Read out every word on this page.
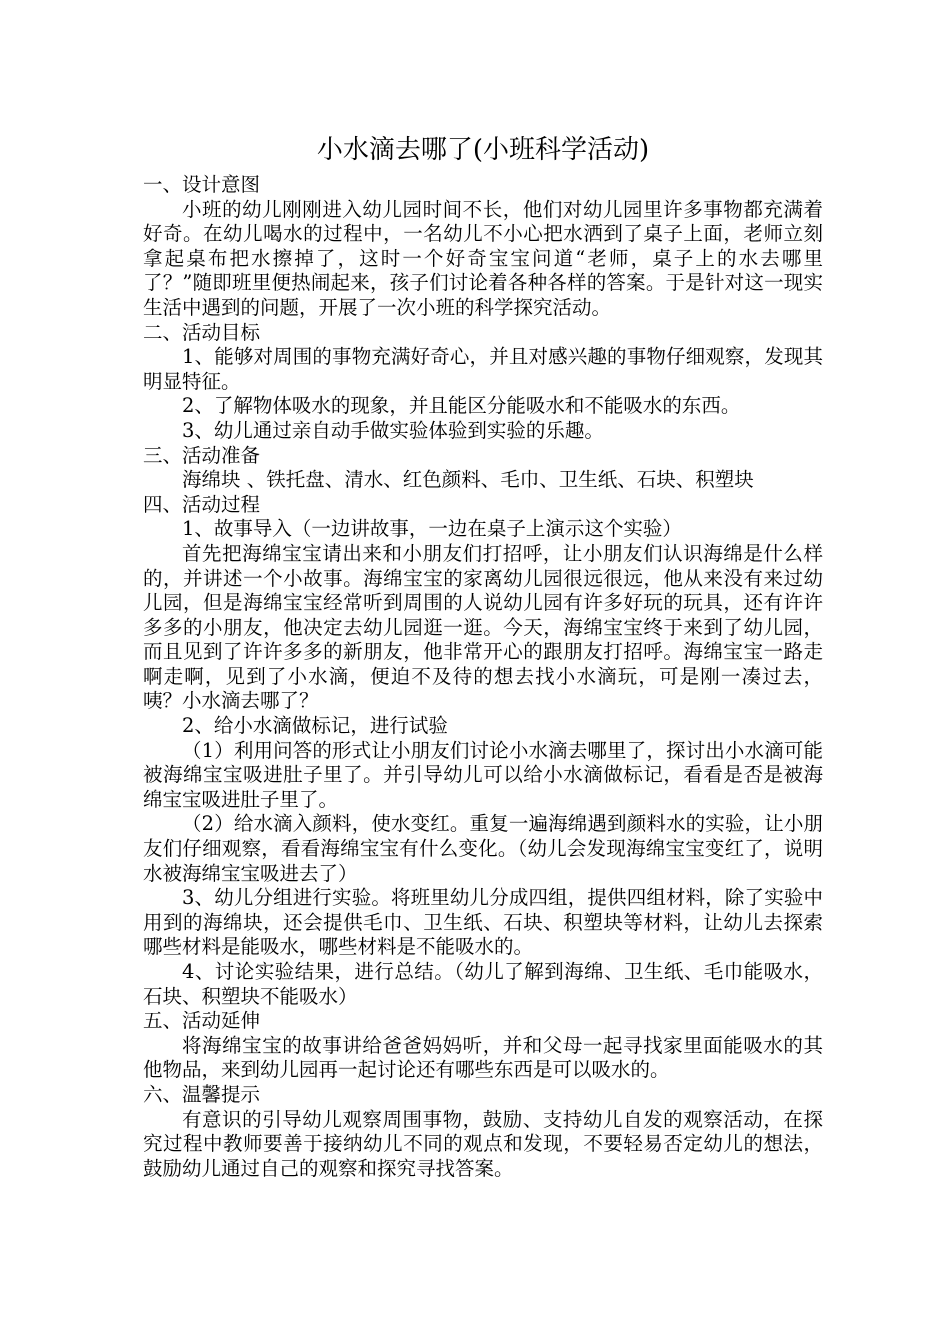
小水滴去哪了(小班科学活动)

一、设计意图

小班的幼儿刚刚进入幼儿园时间不长，他们对幼儿园里许多事物都充满着好奇。在幼儿喝水的过程中，一名幼儿不小心把水洒到了桌子上面，老师立刻拿起桌布把水擦掉了，这时一个好奇宝宝问道“老师，桌子上的水去哪里了？”随即班里便热闹起来，孩子们讨论着各种各样的答案。于是针对这一现实生活中遇到的问题，开展了一次小班的科学探究活动。

二、活动目标

1、能够对周围的事物充满好奇心，并且对感兴趣的事物仔细观察，发现其明显特征。

2、了解物体吸水的现象，并且能区分能吸水和不能吸水的东西。

3、幼儿通过亲自动手做实验体验到实验的乐趣。

三、活动准备

海绵块 、铁托盘、清水、红色颜料、毛巾、卫生纸、石块、积塑块

四、活动过程

1、故事导入（一边讲故事，一边在桌子上演示这个实验）

首先把海绵宝宝请出来和小朋友们打招呼，让小朋友们认识海绵是什么样的，并讲述一个小故事。海绵宝宝的家离幼儿园很远很远，他从来没有来过幼儿园，但是海绵宝宝经常听到周围的人说幼儿园有许多好玩的玩具，还有许许多多的小朋友，他决定去幼儿园逛一逛。今天，海绵宝宝终于来到了幼儿园，而且见到了许许多多的新朋友，他非常开心的跟朋友打招呼。海绵宝宝一路走啊走啊，见到了小水滴，便迫不及待的想去找小水滴玩，可是刚一凑过去，咦？小水滴去哪了？

2、给小水滴做标记，进行试验

（1）利用问答的形式让小朋友们讨论小水滴去哪里了，探讨出小水滴可能被海绵宝宝吸进肚子里了。并引导幼儿可以给小水滴做标记，看看是否是被海绵宝宝吸进肚子里了。

（2）给水滴入颜料，使水变红。重复一遍海绵遇到颜料水的实验，让小朋友们仔细观察，看看海绵宝宝有什么变化。（幼儿会发现海绵宝宝变红了，说明水被海绵宝宝吸进去了）

3、幼儿分组进行实验。将班里幼儿分成四组，提供四组材料，除了实验中用到的海绵块，还会提供毛巾、卫生纸、石块、积塑块等材料，让幼儿去探索哪些材料是能吸水，哪些材料是不能吸水的。

4、讨论实验结果，进行总结。（幼儿了解到海绵、卫生纸、毛巾能吸水，石块、积塑块不能吸水）

五、活动延伸

将海绵宝宝的故事讲给爸爸妈妈听，并和父母一起寻找家里面能吸水的其他物品，来到幼儿园再一起讨论还有哪些东西是可以吸水的。

六、温馨提示

有意识的引导幼儿观察周围事物，鼓励、支持幼儿自发的观察活动，在探究过程中教师要善于接纳幼儿不同的观点和发现，不要轻易否定幼儿的想法，鼓励幼儿通过自己的观察和探究寻找答案。
